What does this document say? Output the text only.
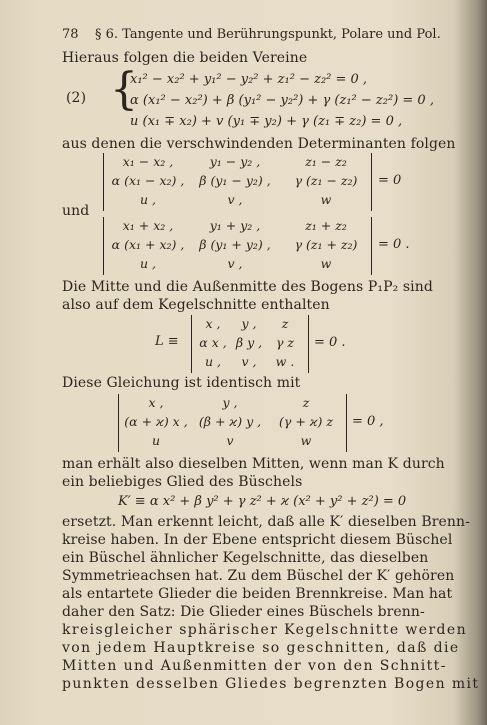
78 § 6. Tangente und Berührungspunkt, Polare und Pol.
Hieraus folgen die beiden Vereine
(2) {
x₁² − x₂² + y₁² − y₂² + z₁² − z₂² = 0 ,
α (x₁² − x₂²) + β (y₁² − y₂²) + γ (z₁² − z₂²) = 0 ,
u (x₁ ∓ x₂) + v (y₁ ∓ y₂) + γ (z₁ ∓ z₂) = 0 ,
aus denen die verschwindenden Determinanten folgen
x₁ − x₂ ,	y₁ − y₂ ,	z₁ − z₂
α (x₁ − x₂) ,	β (y₁ − y₂) ,	γ (z₁ − z₂)
u ,	v ,	w
= 0
und
x₁ + x₂ ,	y₁ + y₂ ,	z₁ + z₂
α (x₁ + x₂) ,	β (y₁ + y₂) ,	γ (z₁ + z₂)
u ,	v ,	w
= 0 .
Die Mitte und die Außenmitte des Bogens P₁P₂ sind
also auf dem Kegelschnitte enthalten
L ≡
x ,	y ,	z
α x , β y ,	γ z
u ,	v ,	w .
= 0 .
Diese Gleichung ist identisch mit
x ,	y ,	z
(α + ϰ) x , (β + ϰ) y ,	(γ + ϰ) z
u	v	w
= 0 ,
man erhält also dieselben Mitten, wenn man K durch
ein beliebiges Glied des Büschels
K′ ≡ α x² + β y² + γ z² + ϰ (x² + y² + z²) = 0
ersetzt. Man erkennt leicht, daß alle K′ dieselben Brenn-
kreise haben. In der Ebene entspricht diesem Büschel
ein Büschel ähnlicher Kegelschnitte, das dieselben
Symmetrieachsen hat. Zu dem Büschel der K′ gehören
als entartete Glieder die beiden Brennkreise. Man hat
daher den Satz: Die Glieder eines Büschels brenn-
kreisgleicher sphärischer Kegelschnitte werden
von jedem Hauptkreise so geschnitten, daß die
Mitten und Außenmitten der von den Schnitt-
punkten desselben Gliedes begrenzten Bogen mit
